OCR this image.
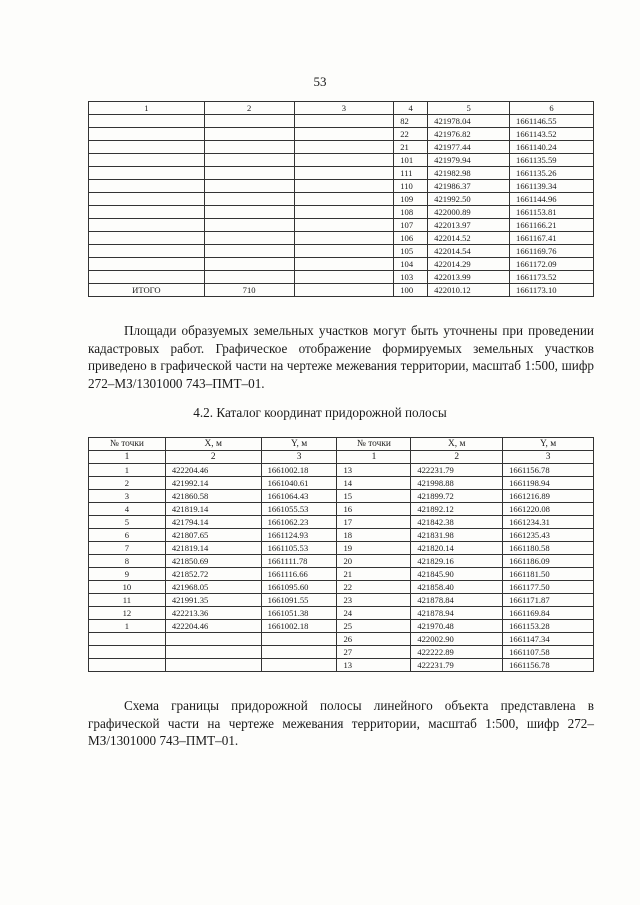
53
1	2	3	4	5	6
			82	421978.04	1661146.55
			22	421976.82	1661143.52
			21	421977.44	1661140.24
			101	421979.94	1661135.59
			111	421982.98	1661135.26
			110	421986.37	1661139.34
			109	421992.50	1661144.96
			108	422000.89	1661153.81
			107	422013.97	1661166.21
			106	422014.52	1661167.41
			105	422014.54	1661169.76
			104	422014.29	1661172.09
			103	422013.99	1661173.52
ИТОГО	710		100	422010.12	1661173.10
Площади образуемых земельных участков могут быть уточнены при проведении кадастровых работ. Графическое отображение формируемых земельных участков приведено в графической части на чертеже межевания территории, масштаб 1:500, шифр 272–МЗ/1301000 743–ПМТ–01.
4.2. Каталог координат придорожной полосы
№ точки	X, м	Y, м	№ точки	X, м	Y, м
1	2	3	1	2	3
1	422204.46	1661002.18	13	422231.79	1661156.78
2	421992.14	1661040.61	14	421998.88	1661198.94
3	421860.58	1661064.43	15	421899.72	1661216.89
4	421819.14	1661055.53	16	421892.12	1661220.08
5	421794.14	1661062.23	17	421842.38	1661234.31
6	421807.65	1661124.93	18	421831.98	1661235.43
7	421819.14	1661105.53	19	421820.14	1661180.58
8	421850.69	1661111.78	20	421829.16	1661186.09
9	421852.72	1661116.66	21	421845.90	1661181.50
10	421968.05	1661095.60	22	421858.40	1661177.50
11	421991.35	1661091.55	23	421878.84	1661171.87
12	422213.36	1661051.38	24	421878.94	1661169.84
1	422204.46	1661002.18	25	421970.48	1661153.28
			26	422002.90	1661147.34
			27	422222.89	1661107.58
			13	422231.79	1661156.78
Схема границы придорожной полосы линейного объекта представлена в графической части на чертеже межевания территории, масштаб 1:500, шифр 272– МЗ/1301000 743–ПМТ–01.
